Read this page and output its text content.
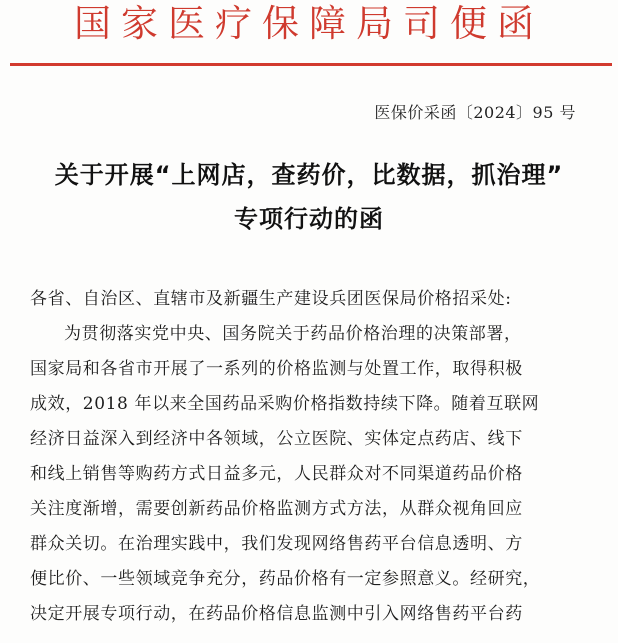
国家医疗保障局司便函
医保价采函〔2024〕95 号
关于开展“上网店，查药价，比数据，抓治理”
专项行动的函
各省、自治区、直辖市及新疆生产建设兵团医保局价格招采处:
为贯彻落实党中央、国务院关于药品价格治理的决策部署，
国家局和各省市开展了一系列的价格监测与处置工作，取得积极
成效，2018 年以来全国药品采购价格指数持续下降。随着互联网
经济日益深入到经济中各领域，公立医院、实体定点药店、线下
和线上销售等购药方式日益多元，人民群众对不同渠道药品价格
关注度渐增，需要创新药品价格监测方式方法，从群众视角回应
群众关切。在治理实践中，我们发现网络售药平台信息透明、方
便比价、一些领域竞争充分，药品价格有一定参照意义。经研究，
决定开展专项行动，在药品价格信息监测中引入网络售药平台药
